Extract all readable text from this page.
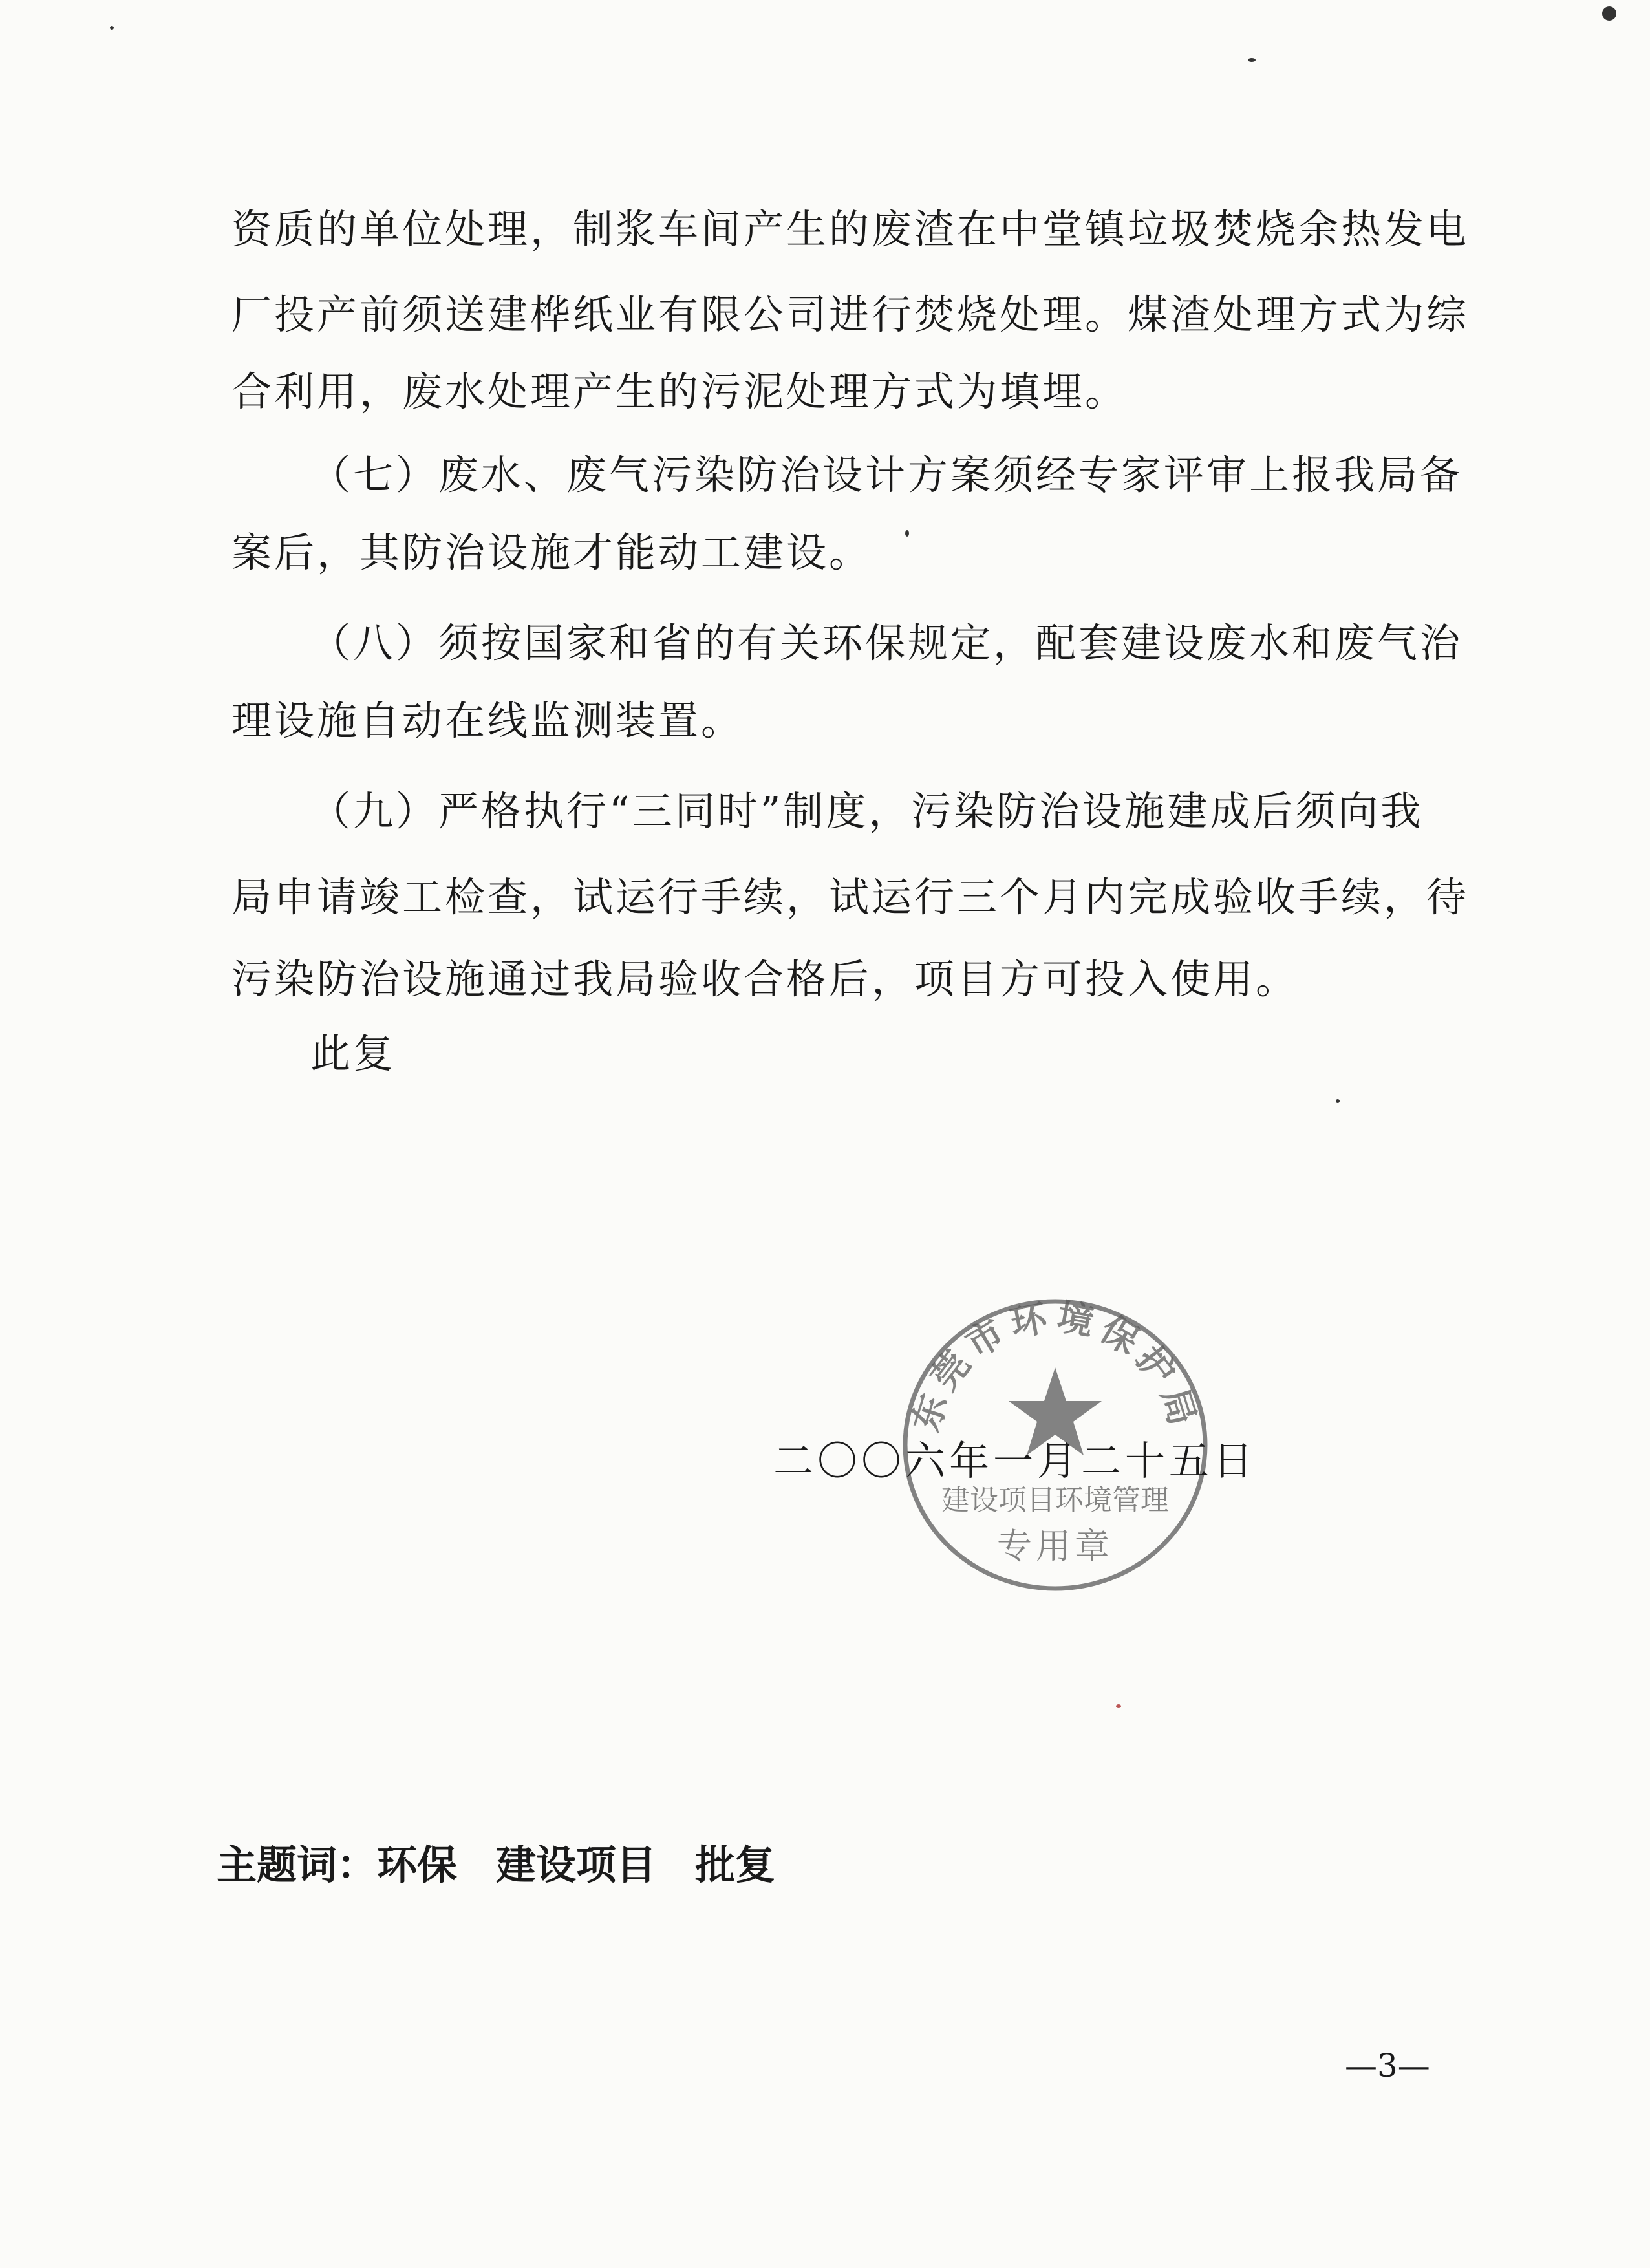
资质的单位处理，制浆车间产生的废渣在中堂镇垃圾焚烧余热发电
厂投产前须送建桦纸业有限公司进行焚烧处理。煤渣处理方式为综
合利用，废水处理产生的污泥处理方式为填埋。
（七）废水、废气污染防治设计方案须经专家评审上报我局备
案后，其防治设施才能动工建设。
（八）须按国家和省的有关环保规定，配套建设废水和废气治
理设施自动在线监测装置。
（九）严格执行“三同时”制度，污染防治设施建成后须向我
局申请竣工检查，试运行手续，试运行三个月内完成验收手续，待
污染防治设施通过我局验收合格后，项目方可投入使用。
此复
东莞市环境保护局
建设项目环境管理
专用章
二〇〇六年一月二十五日
主题词：环保 建设项目 批复
—3—
